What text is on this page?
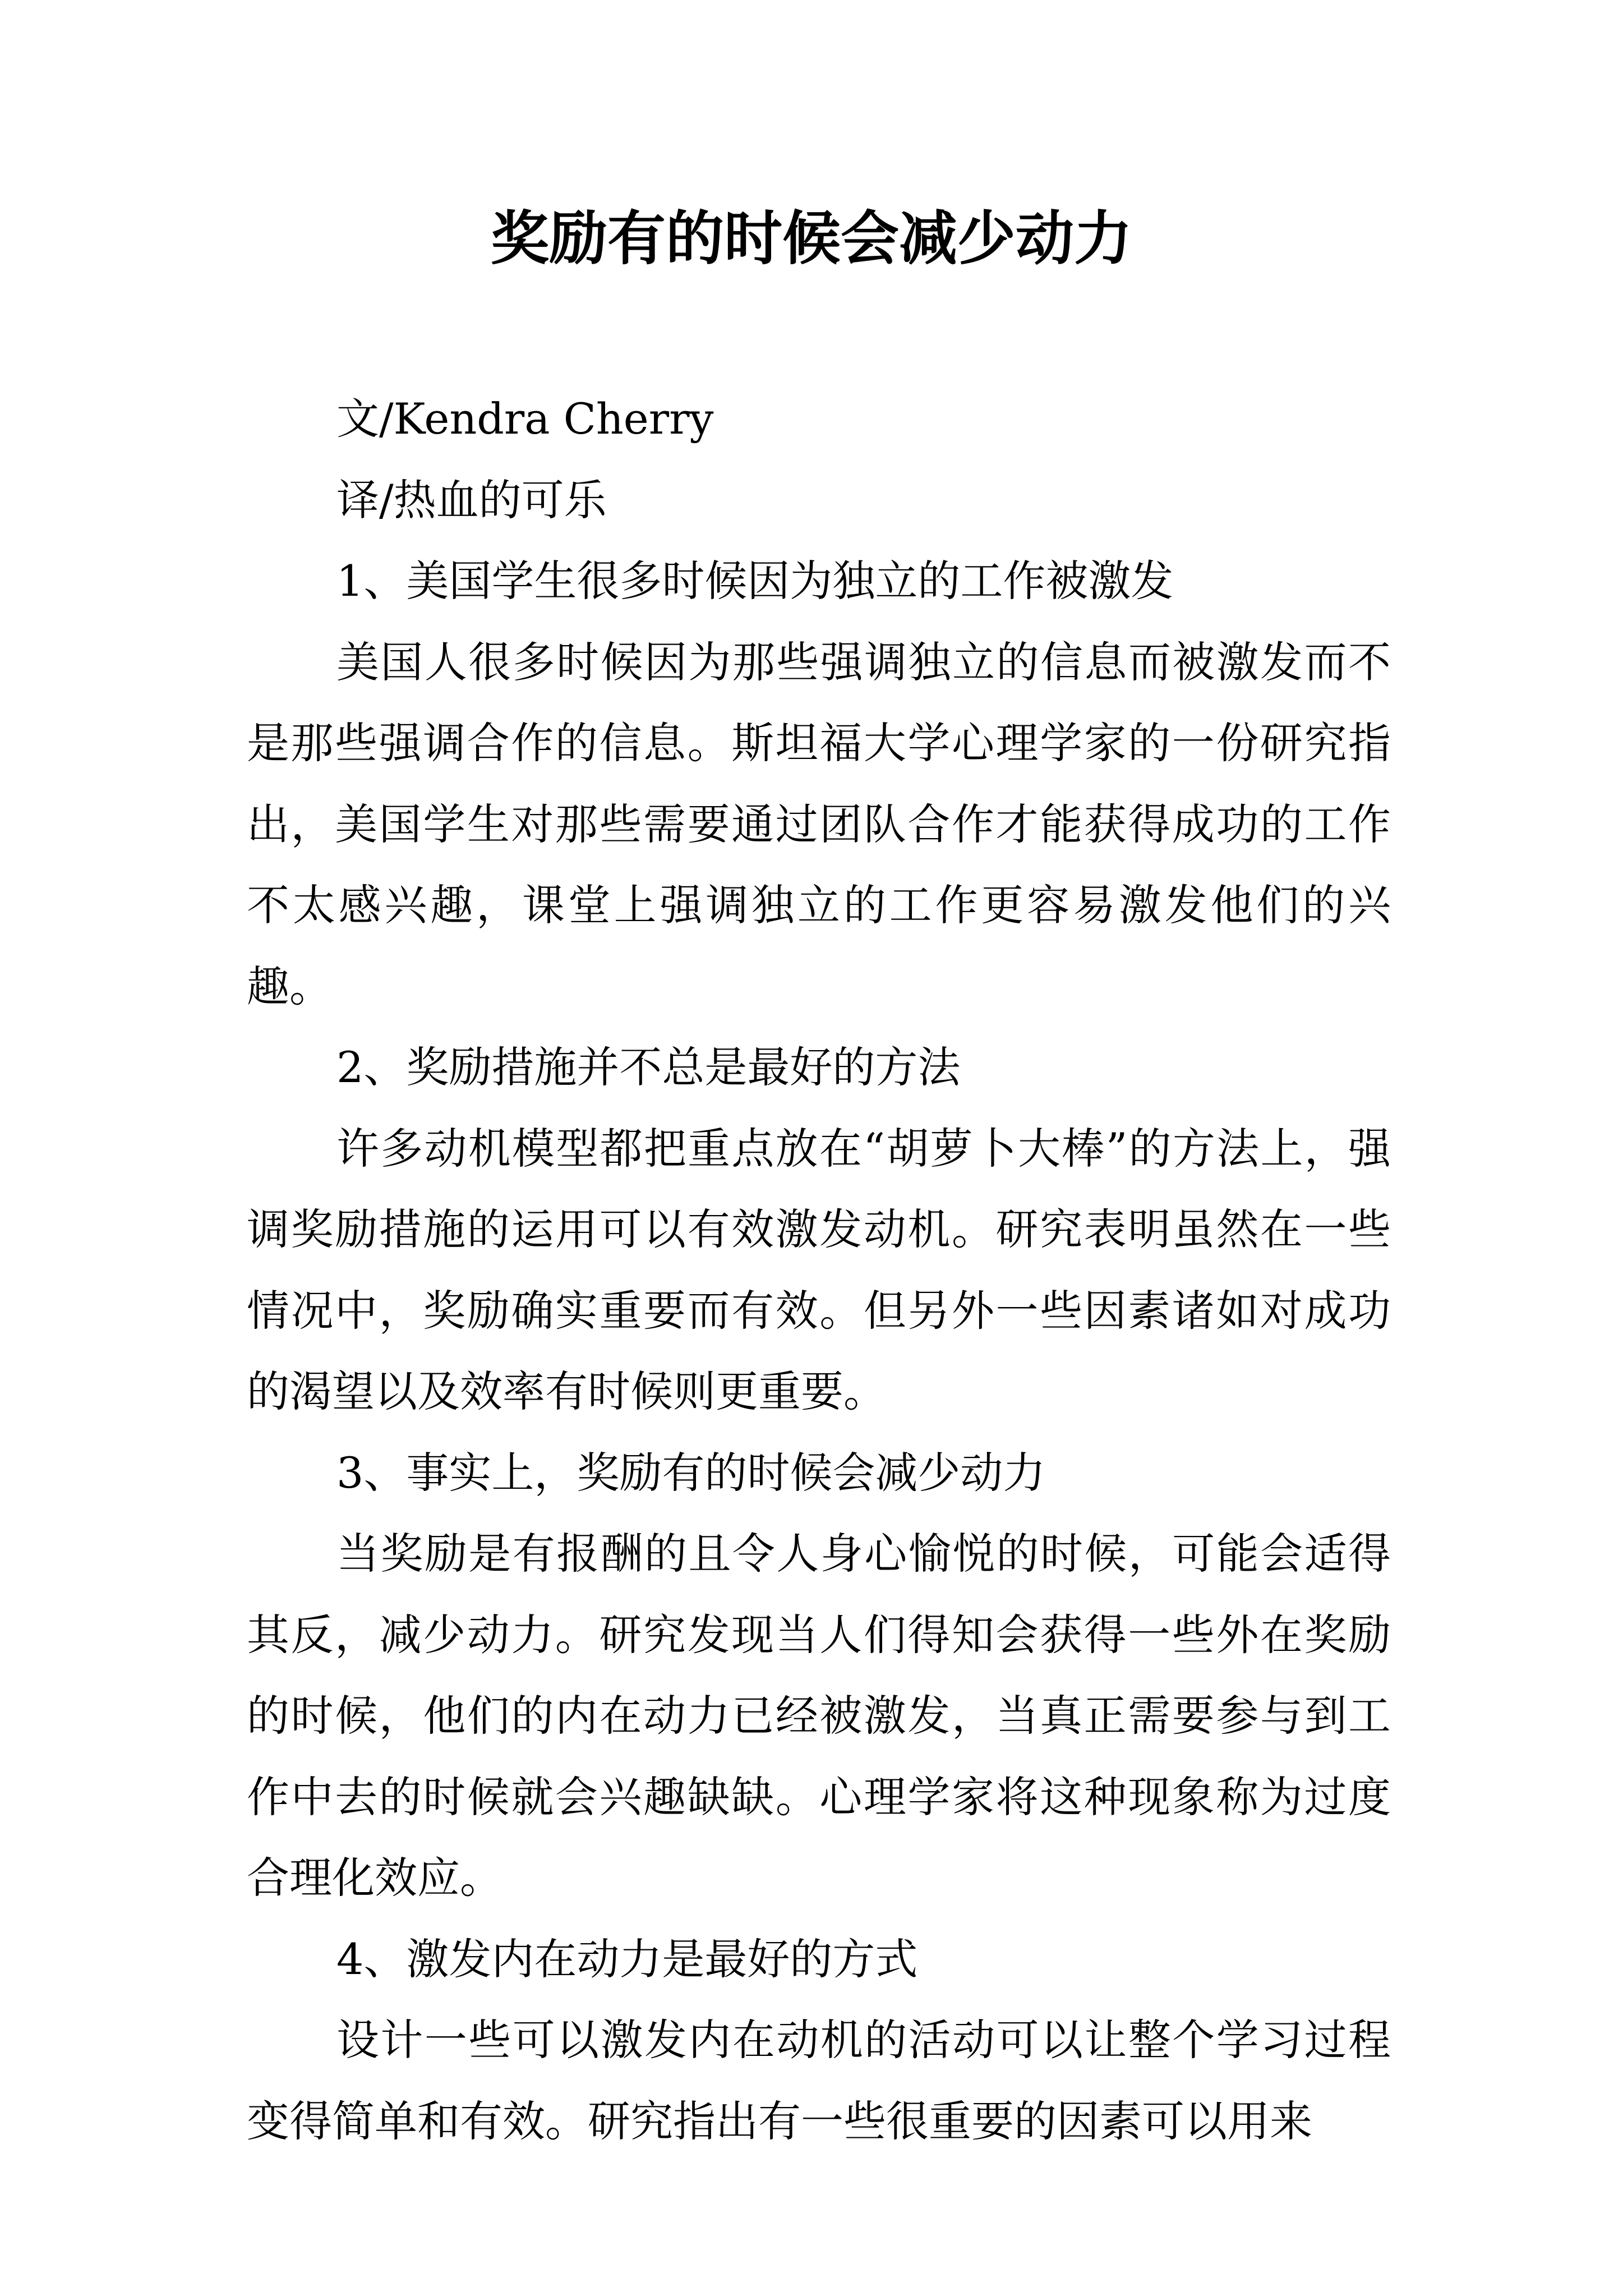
奖励有的时候会减少动力

文/Kendra Cherry

译/热血的可乐

1、美国学生很多时候因为独立的工作被激发

美国人很多时候因为那些强调独立的信息而被激发而不是那些强调合作的信息。斯坦福大学心理学家的一份研究指出，美国学生对那些需要通过团队合作才能获得成功的工作不太感兴趣，课堂上强调独立的工作更容易激发他们的兴趣。

2、奖励措施并不总是最好的方法

许多动机模型都把重点放在“胡萝卜大棒”的方法上，强调奖励措施的运用可以有效激发动机。研究表明虽然在一些情况中，奖励确实重要而有效。但另外一些因素诸如对成功的渴望以及效率有时候则更重要。

3、事实上，奖励有的时候会减少动力

当奖励是有报酬的且令人身心愉悦的时候，可能会适得其反，减少动力。研究发现当人们得知会获得一些外在奖励的时候，他们的内在动力已经被激发，当真正需要参与到工作中去的时候就会兴趣缺缺。心理学家将这种现象称为过度合理化效应。

4、激发内在动力是最好的方式

设计一些可以激发内在动机的活动可以让整个学习过程变得简单和有效。研究指出有一些很重要的因素可以用来
